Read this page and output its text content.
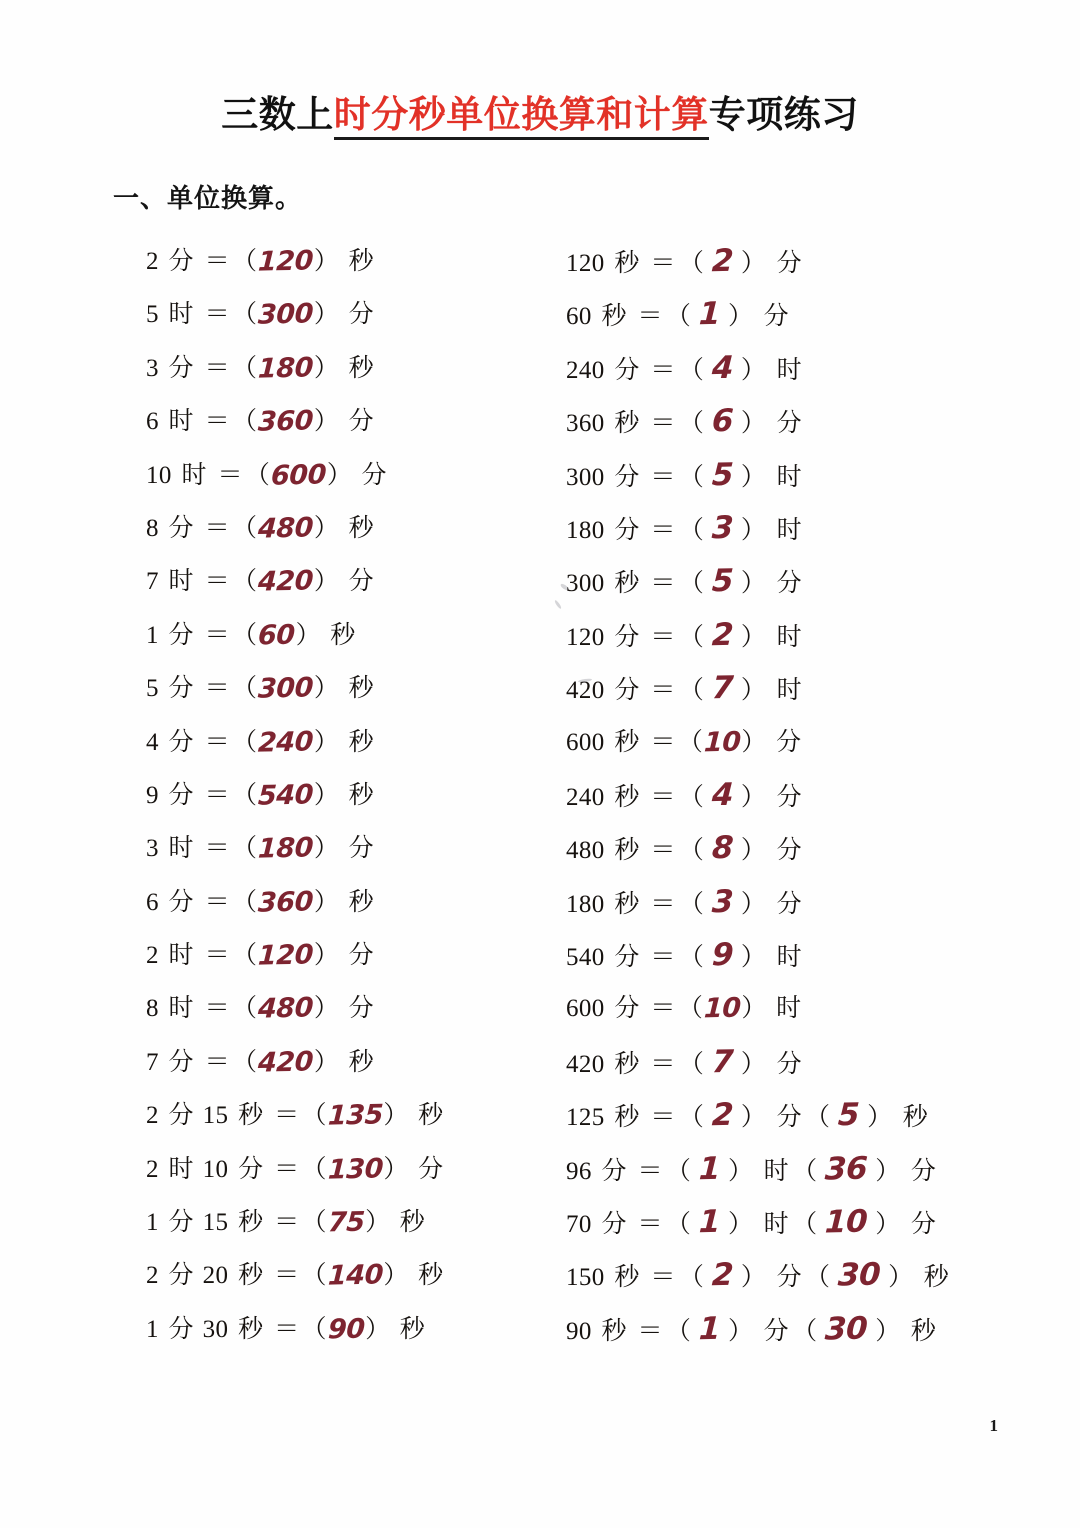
三数上时分秒单位换算和计算专项练习
一、单位换算。
2 分 ＝（120） 秒	120 秒 ＝ （ 2 ） 分
5 时 ＝（300） 分	60 秒 ＝ （ 1 ） 分
3 分 ＝（180） 秒	240 分 ＝ （ 4 ） 时
6 时 ＝（360） 分	360 秒 ＝ （ 6 ） 分
10 时 ＝（600） 分	300 分 ＝ （ 5 ） 时
8 分 ＝（480） 秒	180 分 ＝ （ 3 ） 时
7 时 ＝（420） 分	300 秒 ＝ （ 5 ） 分
1 分 ＝（60） 秒	120 分 ＝ （ 2 ） 时
5 分 ＝（300） 秒	420 分 ＝ （ 7 ） 时
4 分 ＝（240） 秒	600 秒 ＝（10） 分
9 分 ＝（540） 秒	240 秒 ＝ （ 4 ） 分
3 时 ＝（180） 分	480 秒 ＝ （ 8 ） 分
6 分 ＝（360） 秒	180 秒 ＝ （ 3 ） 分
2 时 ＝（120） 分	540 分 ＝ （ 9 ） 时
8 时 ＝（480） 分	600 分 ＝（10） 时
7 分 ＝（420） 秒	420 秒 ＝ （ 7 ） 分
2 分 15 秒 ＝（135） 秒	125 秒 ＝ （ 2 ） 分 （ 5 ） 秒
2 时 10 分 ＝（130） 分	96 分 ＝ （ 1 ） 时 （ 36 ） 分
1 分 15 秒 ＝（75） 秒	70 分 ＝ （ 1 ） 时 （ 10 ） 分
2 分 20 秒 ＝（140） 秒	150 秒 ＝ （ 2 ） 分 （ 30 ） 秒
1 分 30 秒 ＝（90） 秒	90 秒 ＝ （ 1 ） 分 （ 30 ） 秒
1
